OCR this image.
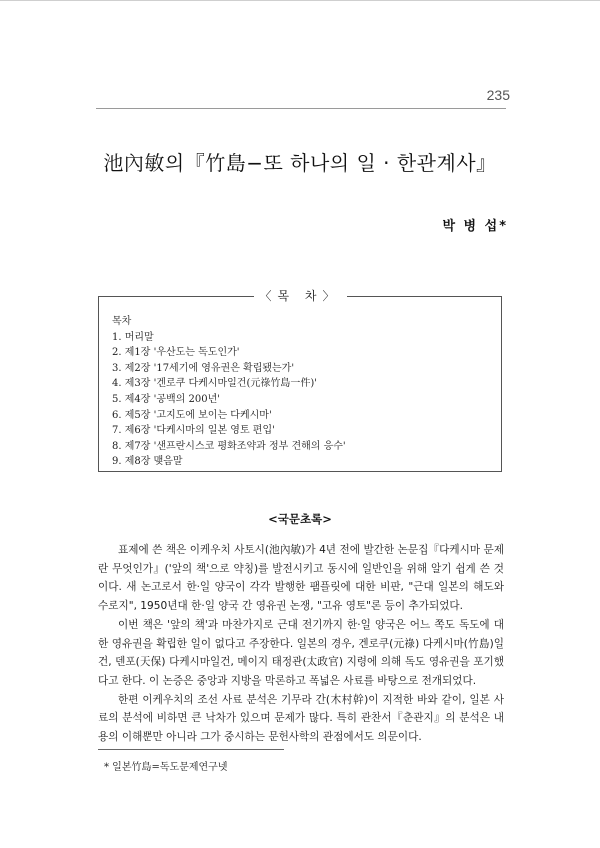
235
池內敏의『竹島−또 하나의 일 · 한관계사』
박 병 섭*
〈목 차〉
목차
1. 머리말
2. 제1장 '우산도는 독도인가'
3. 제2장 '17세기에 영유권은 확립됐는가'
4. 제3장 '겐로쿠 다케시마일건(元祿竹島一件)'
5. 제4장 '공백의 200년'
6. 제5장 '고지도에 보이는 다케시마'
7. 제6장 '다케시마의 일본 영토 편입'
8. 제7장 '샌프란시스코 평화조약과 정부 견해의 응수'
9. 제8장 맺음말
<국문초록>

표제에 쓴 책은 이케우치 사토시(池內敏)가 4년 전에 발간한 논문집『다케시마 문제란 무엇인가』('앞의 책'으로 약칭)를 발전시키고 동시에 일반인을 위해 알기 쉽게 쓴 것이다. 새 논고로서 한·일 양국이 각각 발행한 팸플릿에 대한 비판, "근대 일본의 해도와 수로지", 1950년대 한·일 양국 간 영유권 논쟁, "고유 영토"론 등이 추가되었다.

이번 책은 '앞의 책'과 마찬가지로 근대 전기까지 한·일 양국은 어느 쪽도 독도에 대한 영유권을 확립한 일이 없다고 주장한다. 일본의 경우, 겐로쿠(元祿) 다케시마(竹島)일건, 덴포(天保) 다케시마일건, 메이지 태정관(太政官) 지령에 의해 독도 영유권을 포기했다고 한다. 이 논증은 중앙과 지방을 막론하고 폭넓은 사료를 바탕으로 전개되었다.

한편 이케우치의 조선 사료 분석은 기무라 간(木村幹)이 지적한 바와 같이, 일본 사료의 분석에 비하면 큰 낙차가 있으며 문제가 많다. 특히 관찬서『춘관지』의 분석은 내용의 이해뿐만 아니라 그가 중시하는 문헌사학의 관점에서도 의문이다.

* 일본竹島=독도문제연구넷
